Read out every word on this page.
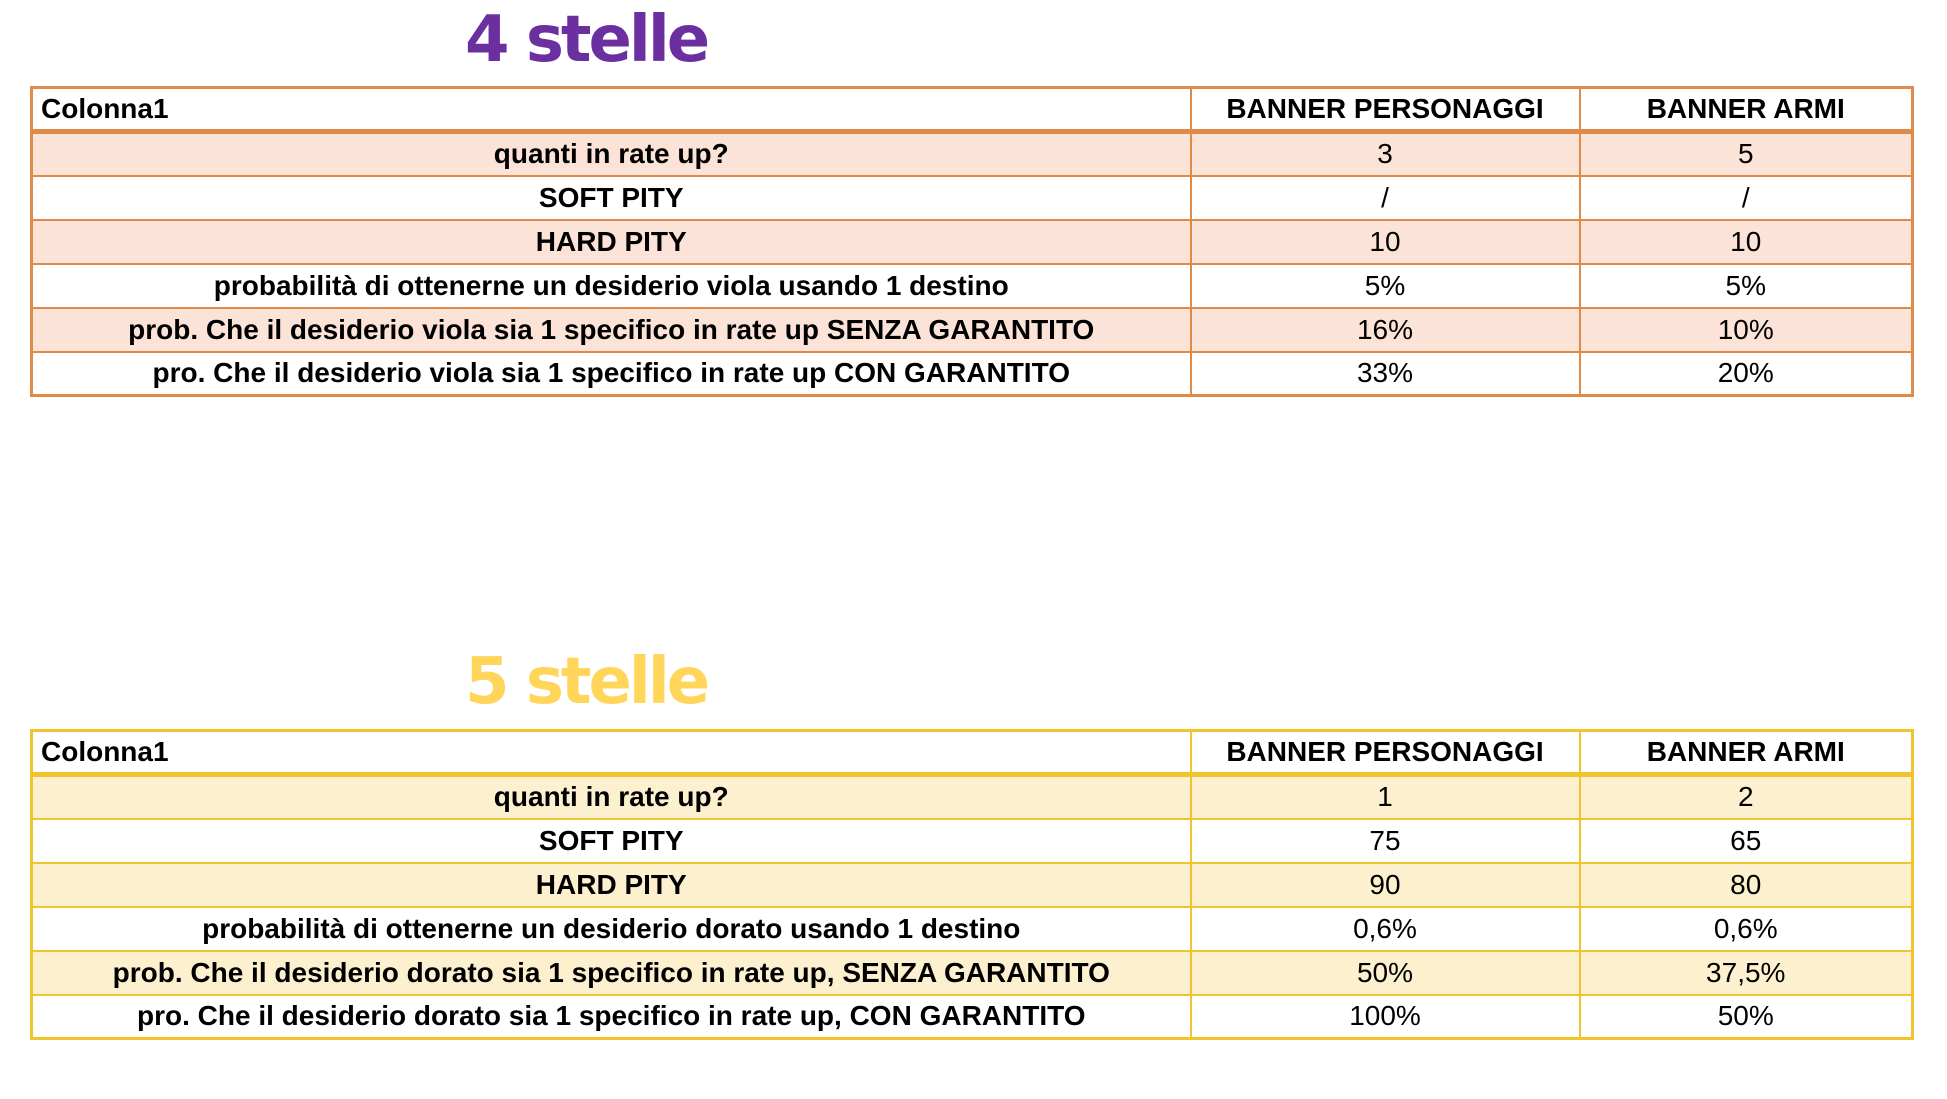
4 stelle
Colonna1	BANNER PERSONAGGI	BANNER ARMI
quanti in rate up?	3	5
SOFT PITY	/	/
HARD PITY	10	10
probabilità di ottenerne un desiderio viola usando 1 destino	5%	5%
prob. Che il desiderio viola sia 1 specifico in rate up SENZA GARANTITO	16%	10%
pro. Che il desiderio viola sia 1 specifico in rate up CON GARANTITO	33%	20%
5 stelle
Colonna1	BANNER PERSONAGGI	BANNER ARMI
quanti in rate up?	1	2
SOFT PITY	75	65
HARD PITY	90	80
probabilità di ottenerne un desiderio dorato usando 1 destino	0,6%	0,6%
prob. Che il desiderio dorato sia 1 specifico in rate up, SENZA GARANTITO	50%	37,5%
pro. Che il desiderio dorato sia 1 specifico in rate up, CON GARANTITO	100%	50%
